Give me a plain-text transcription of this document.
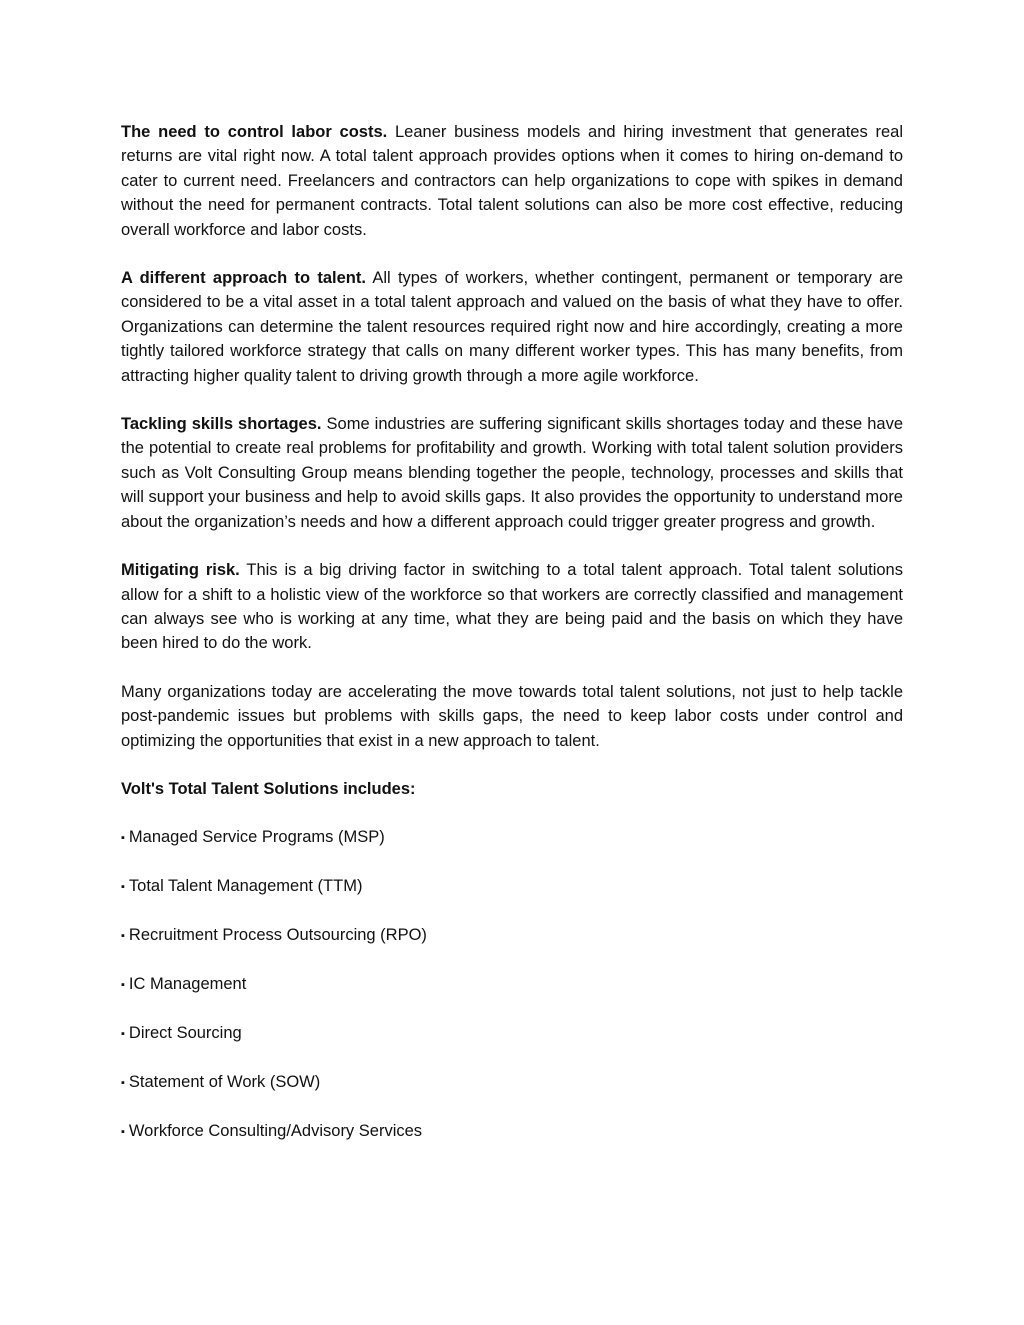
The need to control labor costs. Leaner business models and hiring investment that generates real returns are vital right now. A total talent approach provides options when it comes to hiring on-demand to cater to current need. Freelancers and contractors can help organizations to cope with spikes in demand without the need for permanent contracts. Total talent solutions can also be more cost effective, reducing overall workforce and labor costs.

A different approach to talent. All types of workers, whether contingent, permanent or temporary are considered to be a vital asset in a total talent approach and valued on the basis of what they have to offer. Organizations can determine the talent resources required right now and hire accordingly, creating a more tightly tailored workforce strategy that calls on many different worker types. This has many benefits, from attracting higher quality talent to driving growth through a more agile workforce.

Tackling skills shortages. Some industries are suffering significant skills shortages today and these have the potential to create real problems for profitability and growth. Working with total talent solution providers such as Volt Consulting Group means blending together the people, technology, processes and skills that will support your business and help to avoid skills gaps. It also provides the opportunity to understand more about the organization’s needs and how a different approach could trigger greater progress and growth.

Mitigating risk. This is a big driving factor in switching to a total talent approach. Total talent solutions allow for a shift to a holistic view of the workforce so that workers are correctly classified and management can always see who is working at any time, what they are being paid and the basis on which they have been hired to do the work.

Many organizations today are accelerating the move towards total talent solutions, not just to help tackle post-pandemic issues but problems with skills gaps, the need to keep labor costs under control and optimizing the opportunities that exist in a new approach to talent.

Volt's Total Talent Solutions includes:

▪ Managed Service Programs (MSP)
▪ Total Talent Management (TTM)
▪ Recruitment Process Outsourcing (RPO)
▪ IC Management
▪ Direct Sourcing
▪ Statement of Work (SOW)
▪ Workforce Consulting/Advisory Services
